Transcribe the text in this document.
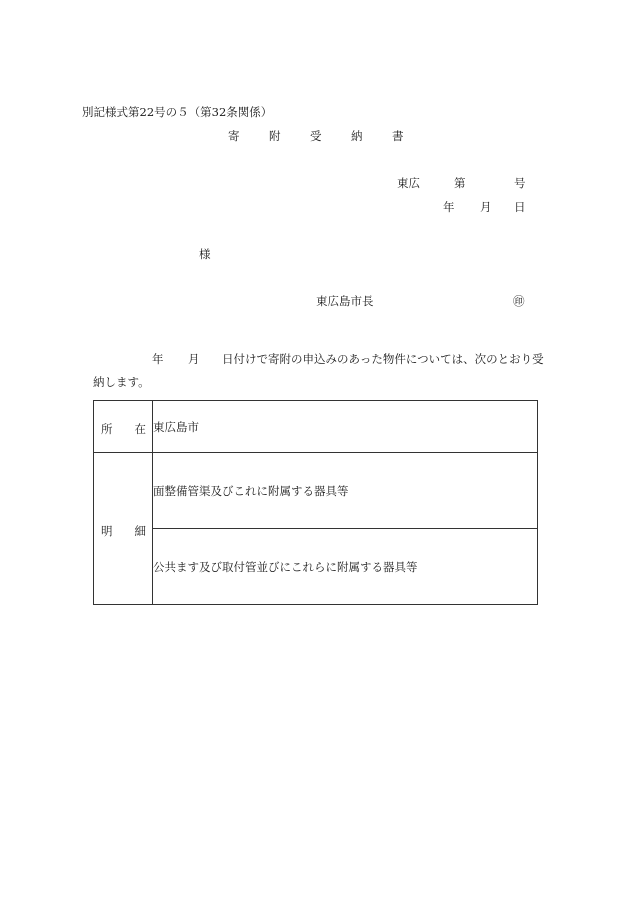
別記様式第22号の５（第32条関係）
寄	附	受	納	書
東広	第	号
年 月 日
様
東広島市長	㊞
年 月 日付けで寄附の申込みのあった物件については、次のとおり受
納します。
所 在	東広島市

明 細	面整備管渠及びこれに附属する器具等
	公共ます及び取付管並びにこれらに附属する器具等
